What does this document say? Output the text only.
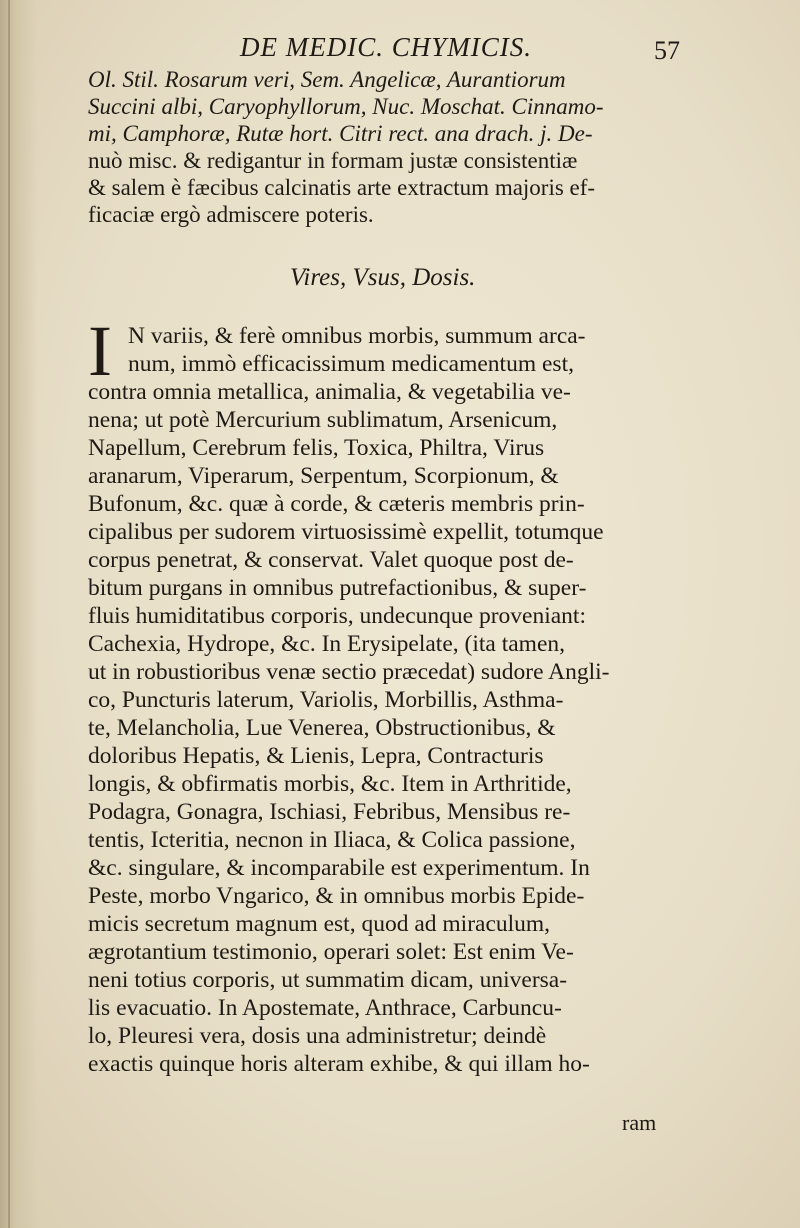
DE MEDIC. CHYMICIS.	57
Ol. Stil. Rosarum veri, Sem. Angelicæ, Aurantiorum
Succini albi, Caryophyllorum, Nuc. Moschat. Cinnamo-
mi, Camphoræ, Rutæ hort. Citri rect. ana drach. j. De-
nuò misc. & redigantur in formam justæ consistentiæ
& salem è fæcibus calcinatis arte extractum majoris ef-
ficaciæ ergò admiscere poteris.
Vires, Vsus, Dosis.
I N variis, & ferè omnibus morbis, summum arca-
num, immò efficacissimum medicamentum est,
contra omnia metallica, animalia, & vegetabilia ve-
nena; ut potè Mercurium sublimatum, Arsenicum,
Napellum, Cerebrum felis, Toxica, Philtra, Virus
aranarum, Viperarum, Serpentum, Scorpionum, &
Bufonum, &c. quæ à corde, & cæteris membris prin-
cipalibus per sudorem virtuosissimè expellit, totumque
corpus penetrat, & conservat. Valet quoque post de-
bitum purgans in omnibus putrefactionibus, & super-
fluis humiditatibus corporis, undecunque proveniant:
Cachexia, Hydrope, &c. In Erysipelate, (ita tamen,
ut in robustioribus venæ sectio præcedat) sudore Angli-
co, Puncturis laterum, Variolis, Morbillis, Asthma-
te, Melancholia, Lue Venerea, Obstructionibus, &
doloribus Hepatis, & Lienis, Lepra, Contracturis
longis, & obfirmatis morbis, &c. Item in Arthritide,
Podagra, Gonagra, Ischiasi, Febribus, Mensibus re-
tentis, Icteritia, necnon in Iliaca, & Colica passione,
&c. singulare, & incomparabile est experimentum. In
Peste, morbo Vngarico, & in omnibus morbis Epide-
micis secretum magnum est, quod ad miraculum,
ægrotantium testimonio, operari solet: Est enim Ve-
neni totius corporis, ut summatim dicam, universa-
lis evacuatio. In Apostemate, Anthrace, Carbuncu-
lo, Pleuresi vera, dosis una administretur; deindè
exactis quinque horis alteram exhibe, & qui illam ho-
ram
